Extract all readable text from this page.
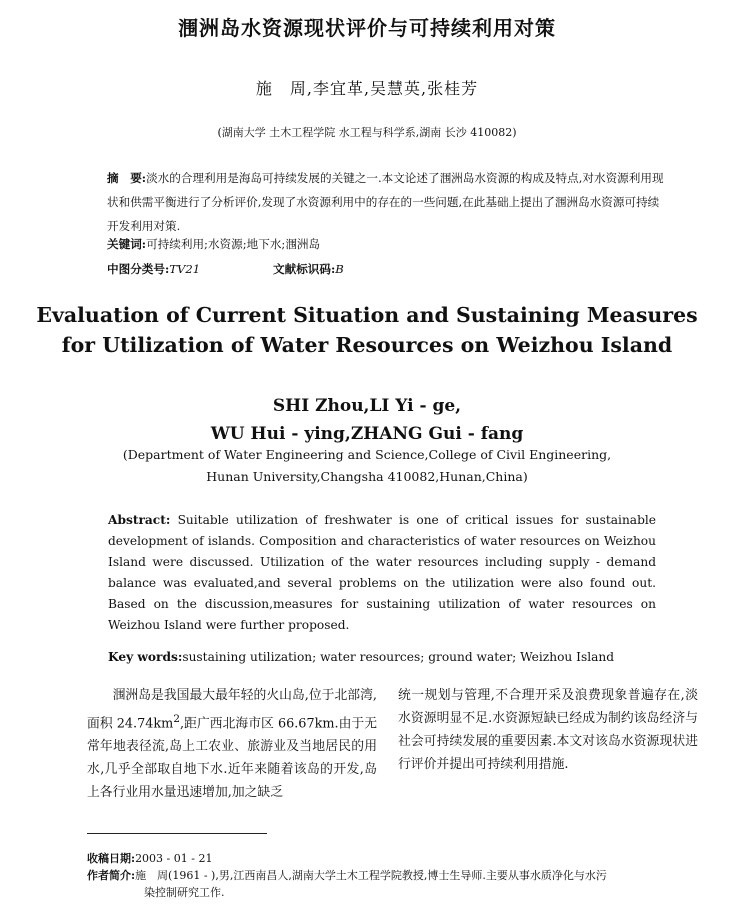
涠洲岛水资源现状评价与可持续利用对策
施　周,李宜革,吴慧英,张桂芳
(湖南大学 土木工程学院 水工程与科学系,湖南 长沙 410082)
摘　要:淡水的合理利用是海岛可持续发展的关键之一.本文论述了涠洲岛水资源的构成及特点,对水资源利用现状和供需平衡进行了分析评价,发现了水资源利用中的存在的一些问题,在此基础上提出了涠洲岛水资源可持续开发利用对策.
关键词:可持续利用;水资源;地下水;涠洲岛
中图分类号:TV21	文献标识码:B
Evaluation of Current Situation and Sustaining Measures
for Utilization of Water Resources on Weizhou Island
SHI Zhou,LI Yi - ge,
WU Hui - ying,ZHANG Gui - fang
(Department of Water Engineering and Science,College of Civil Engineering,
Hunan University,Changsha 410082,Hunan,China)
Abstract: Suitable utilization of freshwater is one of critical issues for sustainable development of islands. Composition and characteristics of water resources on Weizhou Island were discussed. Utilization of the water resources including supply - demand balance was evaluated,and several problems on the utilization were also found out. Based on the discussion,measures for sustaining utilization of water resources on Weizhou Island were further proposed.
Key words:sustaining utilization; water resources; ground water; Weizhou Island
涠洲岛是我国最大最年轻的火山岛,位于北部湾,面积 $24.74km^2$,距广西北海市区 66.67km.由于无常年地表径流,岛上工农业、旅游业及当地居民的用水,几乎全部取自地下水.近年来随着该岛的开发,岛上各行业用水量迅速增加,加之缺乏
统一规划与管理,不合理开采及浪费现象普遍存在,淡水资源明显不足.水资源短缺已经成为制约该岛经济与社会可持续发展的重要因素.本文对该岛水资源现状进行评价并提出可持续利用措施.
收稿日期:2003 - 01 - 21
作者简介:施　周(1961 - ),男,江西南昌人,湖南大学土木工程学院教授,博士生导师.主要从事水质净化与水污
染控制研究工作.
